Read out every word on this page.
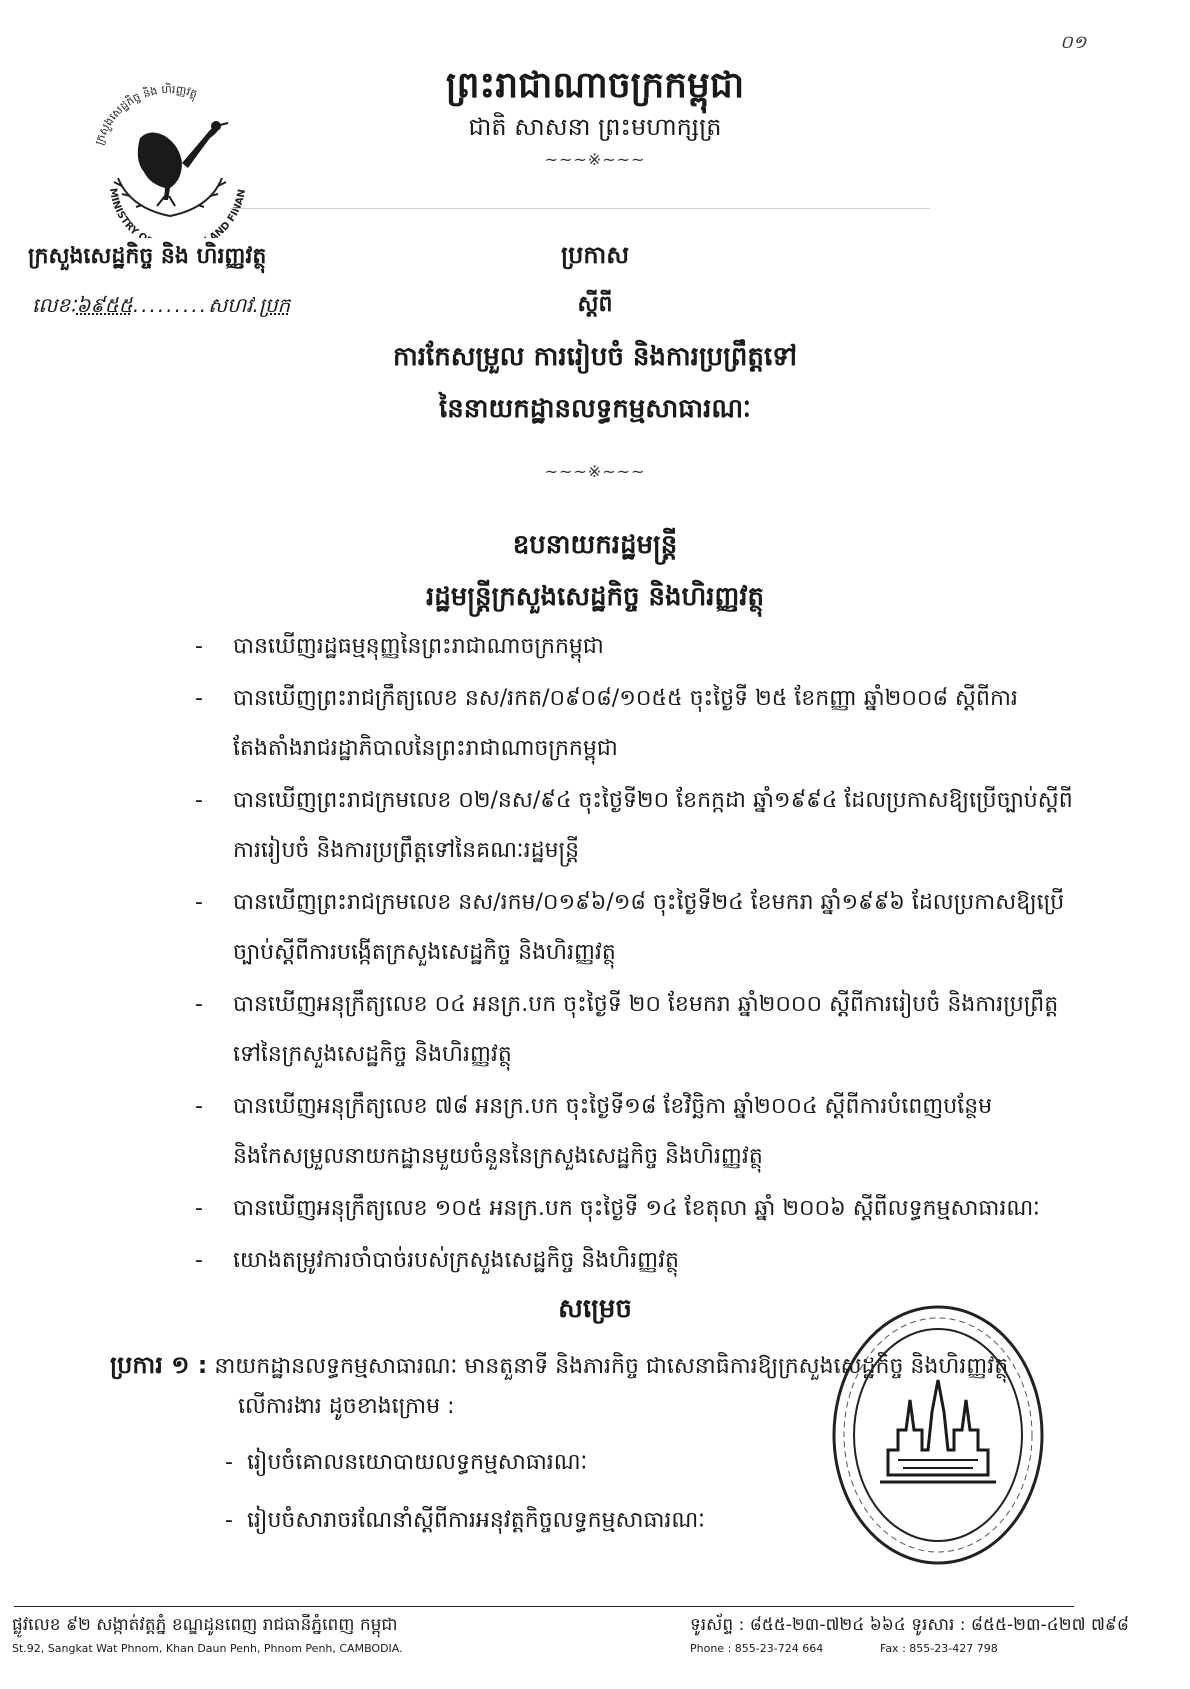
០១
ក្រសួងសេដ្ឋកិច្ច និង ហិរញ្ញវត្ថុ
MINISTRY O AND FINAN
ព្រះរាជាណាចក្រកម្ពុជា
ជាតិ សាសនា ព្រះមហាក្សត្រ
~~~※~~~
ក្រសួងសេដ្ឋកិច្ច និង ហិរញ្ញវត្ថុ
លេខៈ៦៩៥៥.........សហវ.ប្រក
ប្រកាស
ស្តីពី
ការកែសម្រួល ការរៀបចំ និងការប្រព្រឹត្តទៅ
នៃនាយកដ្ឋានលទ្ធកម្មសាធារណៈ
~~~※~~~
ឧបនាយករដ្ឋមន្ត្រី
រដ្ឋមន្ត្រីក្រសួងសេដ្ឋកិច្ច និងហិរញ្ញវត្ថុ
-	បានឃើញរដ្ឋធម្មនុញ្ញនៃព្រះរាជាណាចក្រកម្ពុជា
-	បានឃើញព្រះរាជក្រឹត្យលេខ នស/រកត/០៩០៨/១០៥៥ ចុះថ្ងៃទី ២៥ ខែកញ្ញា ឆ្នាំ២០០៨ ស្តីពីការតែងតាំងរាជរដ្ឋាភិបាលនៃព្រះរាជាណាចក្រកម្ពុជា
-	បានឃើញព្រះរាជក្រមលេខ ០២/នស/៩៤ ចុះថ្ងៃទី២០ ខែកក្កដា ឆ្នាំ១៩៩៤ ដែលប្រកាសឱ្យប្រើច្បាប់ស្តីពីការរៀបចំ និងការប្រព្រឹត្តទៅនៃគណៈរដ្ឋមន្ត្រី
-	បានឃើញព្រះរាជក្រមលេខ នស/រកម/០១៩៦/១៨ ចុះថ្ងៃទី២៤ ខែមករា ឆ្នាំ១៩៩៦ ដែលប្រកាសឱ្យប្រើច្បាប់ស្តីពីការបង្កើតក្រសួងសេដ្ឋកិច្ច និងហិរញ្ញវត្ថុ
-	បានឃើញអនុក្រឹត្យលេខ ០៤ អនក្រ.បក ចុះថ្ងៃទី ២០ ខែមករា ឆ្នាំ២០០០ ស្តីពីការរៀបចំ និងការប្រព្រឹត្តទៅនៃក្រសួងសេដ្ឋកិច្ច និងហិរញ្ញវត្ថុ
-	បានឃើញអនុក្រឹត្យលេខ ៧៨ អនក្រ.បក ចុះថ្ងៃទី១៨ ខែវិច្ឆិកា ឆ្នាំ២០០៤ ស្តីពីការបំពេញបន្ថែម និងកែសម្រួលនាយកដ្ឋានមួយចំនួននៃក្រសួងសេដ្ឋកិច្ច និងហិរញ្ញវត្ថុ
-	បានឃើញអនុក្រឹត្យលេខ ១០៥ អនក្រ.បក ចុះថ្ងៃទី ១៤ ខែតុលា ឆ្នាំ ២០០៦ ស្តីពីលទ្ធកម្មសាធារណៈ
-	យោងតម្រូវការចាំបាច់របស់ក្រសួងសេដ្ឋកិច្ច និងហិរញ្ញវត្ថុ
សម្រេច
ប្រការ ១ : នាយកដ្ឋានលទ្ធកម្មសាធារណៈ មានតួនាទី និងភារកិច្ច ជាសេនាធិការឱ្យក្រសួងសេដ្ឋកិច្ច និងហិរញ្ញវត្ថុ
លើការងារ ដូចខាងក្រោម :
- រៀបចំគោលនយោបាយលទ្ធកម្មសាធារណៈ
- រៀបចំសារាចរណែនាំស្តីពីការអនុវត្តកិច្ចលទ្ធកម្មសាធារណៈ
ផ្លូវលេខ ៩២ សង្កាត់វត្តភ្នំ ខណ្ឌដូនពេញ រាជធានីភ្នំពេញ កម្ពុជា
St.92, Sangkat Wat Phnom, Khan Daun Penh, Phnom Penh, CAMBODIA.
ទូរស័ព្ទ : ៨៥៥-២៣-៧២៤ ៦៦៤ ទូរសារ : ៨៥៥-២៣-៤២៧ ៧៩៨
Phone : 855-23-724 664	Fax : 855-23-427 798
